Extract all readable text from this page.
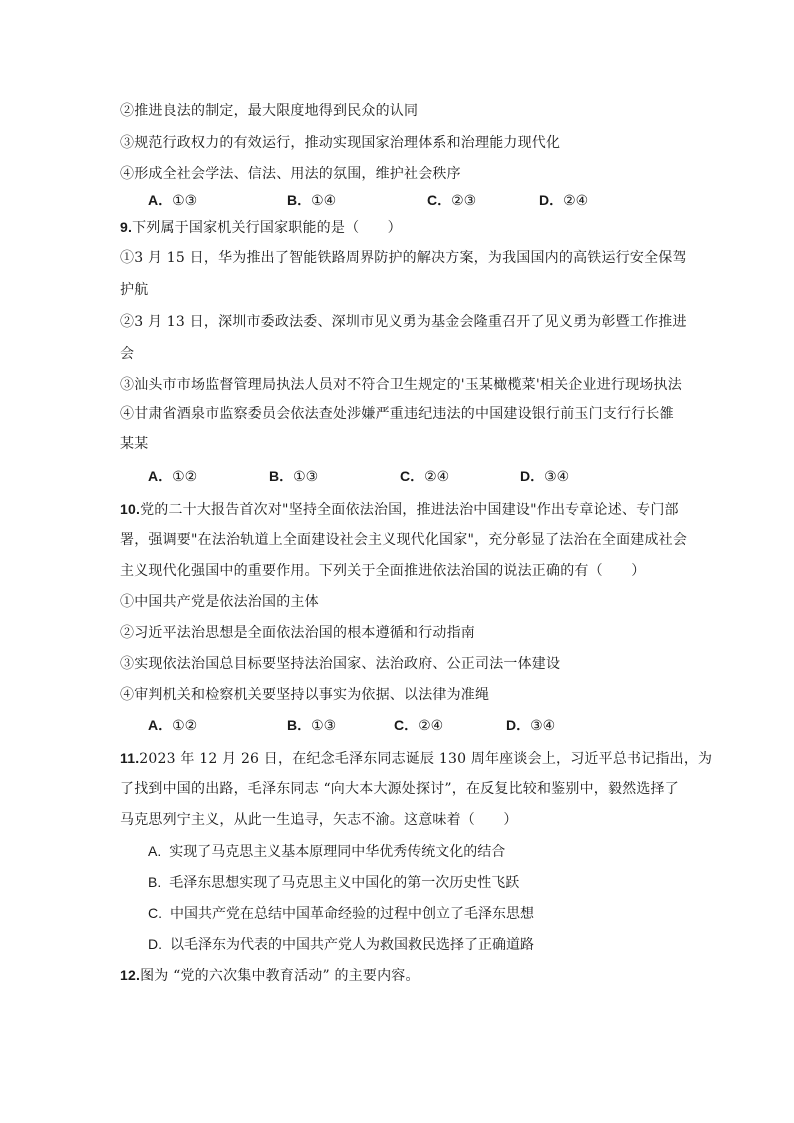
②推进良法的制定，最大限度地得到民众的认同
③规范行政权力的有效运行，推动实现国家治理体系和治理能力现代化
④形成全社会学法、信法、用法的氛围，维护社会秩序
A．①③	B．①④	C．②③	D．②④
9.下列属于国家机关行国家职能的是（　　）
①3 月 15 日，华为推出了智能铁路周界防护的解决方案，为我国国内的高铁运行安全保驾
护航
②3 月 13 日，深圳市委政法委、深圳市见义勇为基金会隆重召开了见义勇为彰暨工作推进
会
③汕头市市场监督管理局执法人员对不符合卫生规定的'玉某橄榄菜'相关企业进行现场执法
④甘肃省酒泉市监察委员会依法查处涉嫌严重违纪违法的中国建设银行前玉门支行行长雒
某某
A．①②	B．①③	C．②④	D．③④
10.党的二十大报告首次对"坚持全面依法治国，推进法治中国建设"作出专章论述、专门部
署，强调要"在法治轨道上全面建设社会主义现代化国家"，充分彰显了法治在全面建成社会
主义现代化强国中的重要作用。下列关于全面推进依法治国的说法正确的有（　　）
①中国共产党是依法治国的主体
②习近平法治思想是全面依法治国的根本遵循和行动指南
③实现依法治国总目标要坚持法治国家、法治政府、公正司法一体建设
④审判机关和检察机关要坚持以事实为依据、以法律为准绳
A．①②	B．①③	C．②④	D．③④
11.2023 年 12 月 26 日，在纪念毛泽东同志诞辰 130 周年座谈会上，习近平总书记指出，为
了找到中国的出路，毛泽东同志 “向大本大源处探讨”，在反复比较和鉴别中，毅然选择了
马克思列宁主义，从此一生追寻，矢志不渝。这意味着（　　）
A. 实现了马克思主义基本原理同中华优秀传统文化的结合
B. 毛泽东思想实现了马克思主义中国化的第一次历史性飞跃
C. 中国共产党在总结中国革命经验的过程中创立了毛泽东思想
D. 以毛泽东为代表的中国共产党人为救国救民选择了正确道路
12.图为 “党的六次集中教育活动” 的主要内容。
